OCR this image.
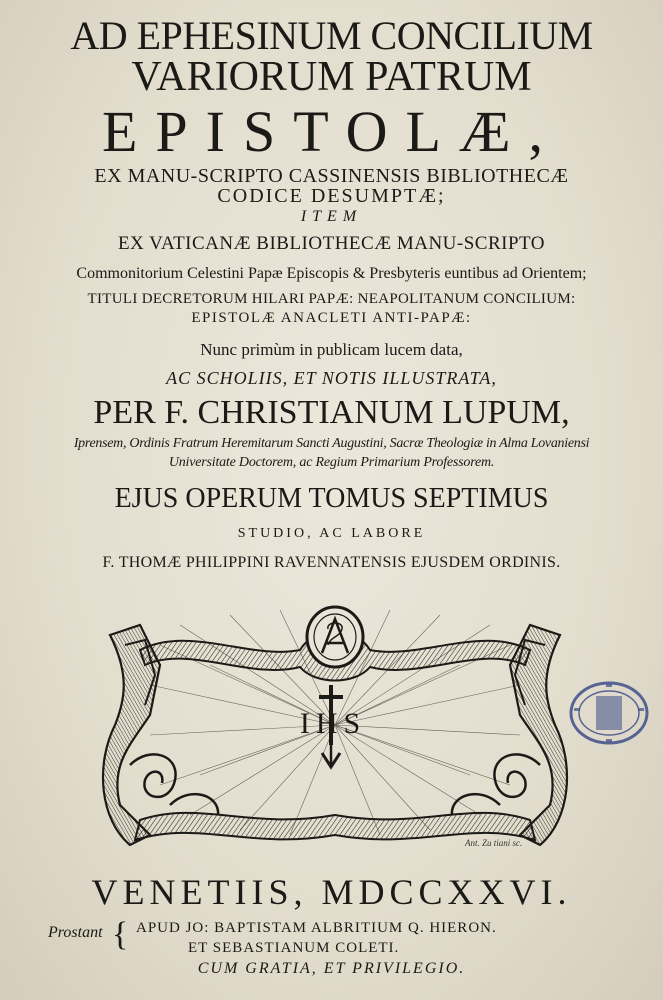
AD EPHESINUM CONCILIUM
VARIORUM PATRUM
EPISTOLÆ,
EX MANU-SCRIPTO CASSINENSIS BIBLIOTHECÆ
CODICE DESUMPTÆ;
ITEM
EX VATICANÆ BIBLIOTHECÆ MANU-SCRIPTO
Commonitorium Celestini Papæ Episcopis & Presbyteris euntibus ad Orientem;
TITULI DECRETORUM HILARI PAPÆ: NEAPOLITANUM CONCILIUM:
EPISTOLÆ ANACLETI ANTI-PAPÆ:
Nunc primùm in publicam lucem data,
AC SCHOLIIS, ET NOTIS ILLUSTRATA,
PER F. CHRISTIANUM LUPUM,
Iprensem, Ordinis Fratrum Heremitarum Sancti Augustini, Sacræ Theologiæ in Alma Lovaniensi
Universitate Doctorem, ac Regium Primarium Professorem.
EJUS OPERUM TOMUS SEPTIMUS
STUDIO, AC LABORE
F. THOMÆ PHILIPPINI RAVENNATENSIS EJUSDEM ORDINIS.
IHS
Ant. Zu tiani sc.
VENETIIS, MDCCXXVI.
Prostant { APUD JO: BAPTISTAM ALBRITIUM Q. HIERON.
ET SEBASTIANUM COLETI.
CUM GRATIA, ET PRIVILEGIO.
